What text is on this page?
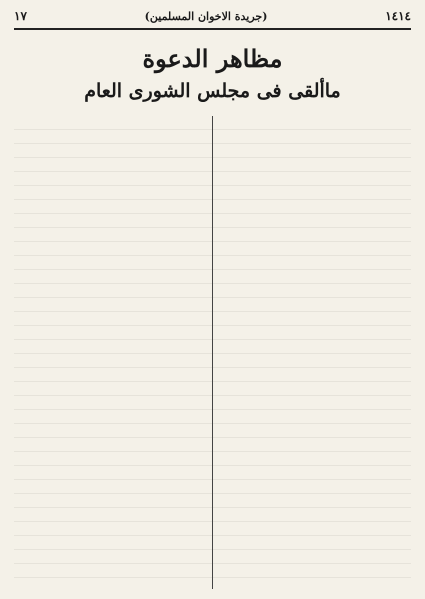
١٤١٤
(جريدة الاخوان المسلمين)
١٧
مظاهر الدعوة
ماألقى فى مجلس الشورى العام
